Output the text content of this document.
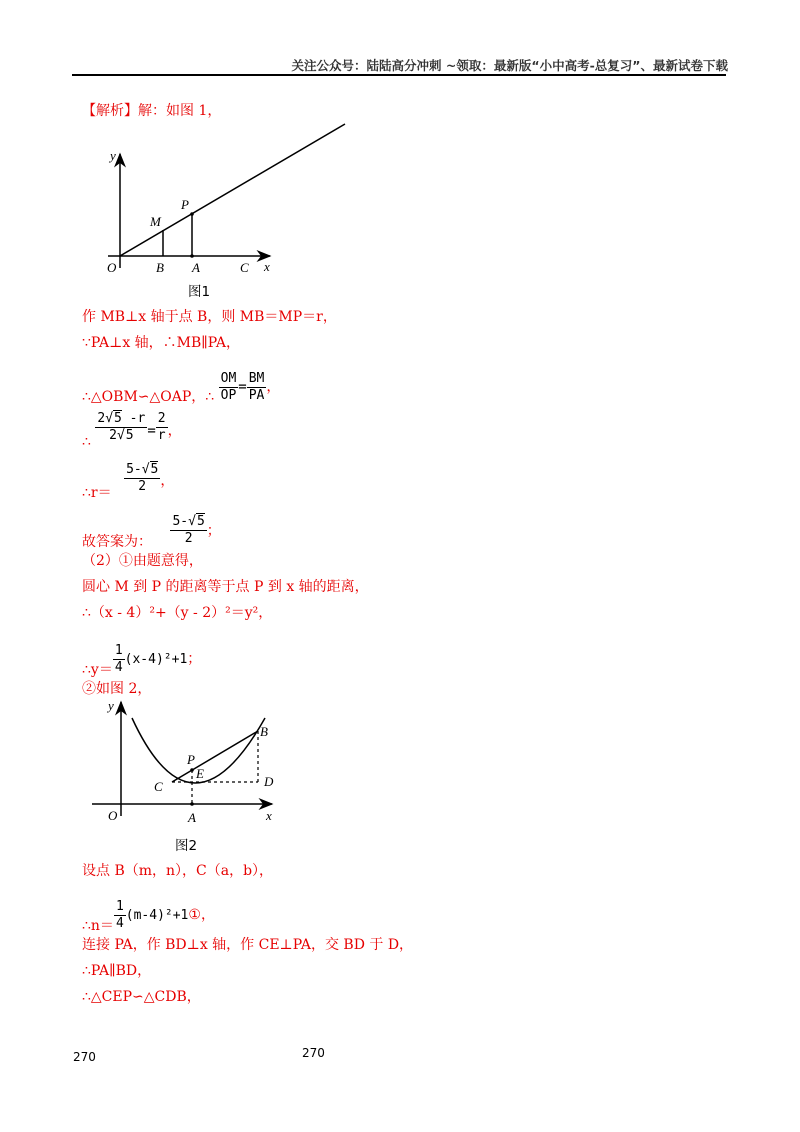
关注公众号：陆陆高分冲刺 ~领取：最新版“小中高考-总复习”、最新试卷下载
【解析】解：如图 1，
y
x
O	B A	C
M
P
图1
作 MB⊥x 轴于点 B，则 MB＝MP＝r，
∵PA⊥x 轴，∴MB∥PA，
∴△OBM∽△OAP，∴ $\frac{OM}{OP} = \frac{BM}{PA}$ ，
∴ $\frac{2√5 -r}{2√5} = \frac{2}{r}$ ，
∴r＝ $\frac{5-√5}{2}$ ，
故答案为： $\frac{5-√5}{2}$ ；
（2）①由题意得，
圆心 M 到 P 的距离等于点 P 到 x 轴的距离，
∴（x - 4）²+（y - 2）²＝y²，
∴y＝ $\frac{1}{4} (x-4)^2+1$；
②如图 2，
y
x
O	A
B
C	D
P
E
图2
设点 B（m，n），C（a，b），
∴n＝ $\frac{1}{4}$ (m-4)²+1①，
连接 PA，作 BD⊥x 轴，作 CE⊥PA，交 BD 于 D，
∴PA∥BD，
∴△CEP∽△CDB，
270	270
